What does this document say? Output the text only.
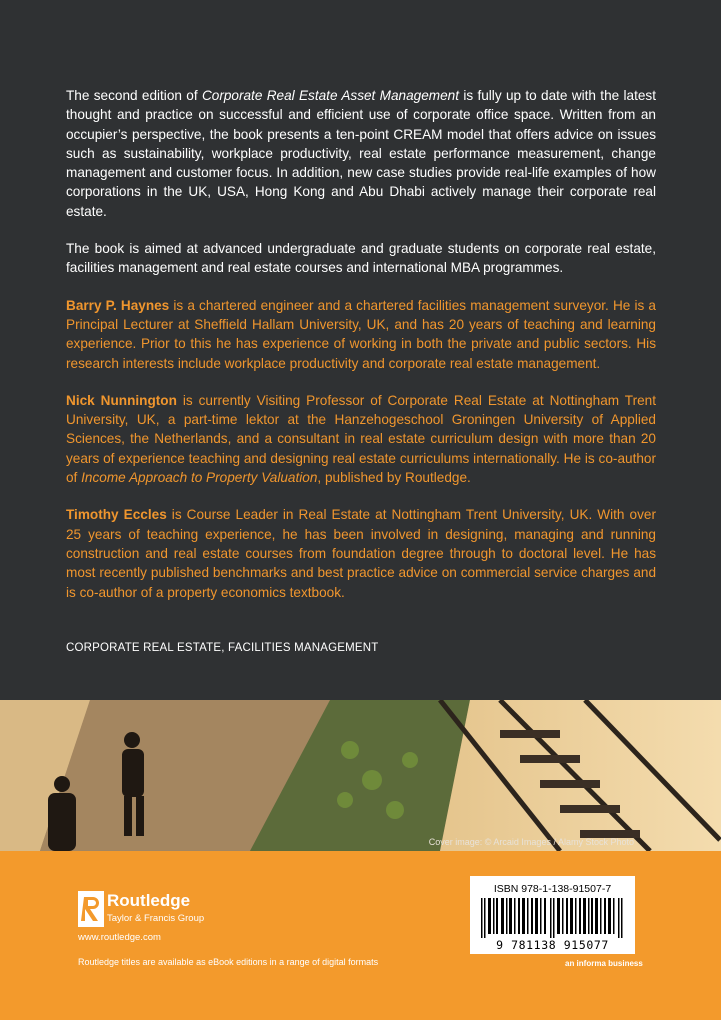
The second edition of Corporate Real Estate Asset Management is fully up to date with the latest thought and practice on successful and efficient use of corporate office space. Written from an occupier’s perspective, the book presents a ten-point CREAM model that offers advice on issues such as sustainability, workplace productivity, real estate performance measurement, change management and customer focus. In addition, new case studies provide real-life examples of how corporations in the UK, USA, Hong Kong and Abu Dhabi actively manage their corporate real estate.

The book is aimed at advanced undergraduate and graduate students on corporate real estate, facilities management and real estate courses and international MBA programmes.

Barry P. Haynes is a chartered engineer and a chartered facilities management surveyor. He is a Principal Lecturer at Sheffield Hallam University, UK, and has 20 years of teaching and learning experience. Prior to this he has experience of working in both the private and public sectors. His research interests include workplace productivity and corporate real estate management.

Nick Nunnington is currently Visiting Professor of Corporate Real Estate at Nottingham Trent University, UK, a part-time lektor at the Hanzehogeschool Groningen University of Applied Sciences, the Netherlands, and a consultant in real estate curriculum design with more than 20 years of experience teaching and designing real estate curriculums internationally. He is co-author of Income Approach to Property Valuation, published by Routledge.

Timothy Eccles is Course Leader in Real Estate at Nottingham Trent University, UK. With over 25 years of teaching experience, he has been involved in designing, managing and running construction and real estate courses from foundation degree through to doctoral level. He has most recently published benchmarks and best practice advice on commercial service charges and is co-author of a property economics textbook.

CORPORATE REAL ESTATE, FACILITIES MANAGEMENT
Cover image: © Arcaid Images / Alamy Stock Photo
Routledge
Taylor & Francis Group
www.routledge.com
Routledge titles are available as eBook editions in a range of digital formats
ISBN 978-1-138-91507-7
9 781138 915077
an informa business
